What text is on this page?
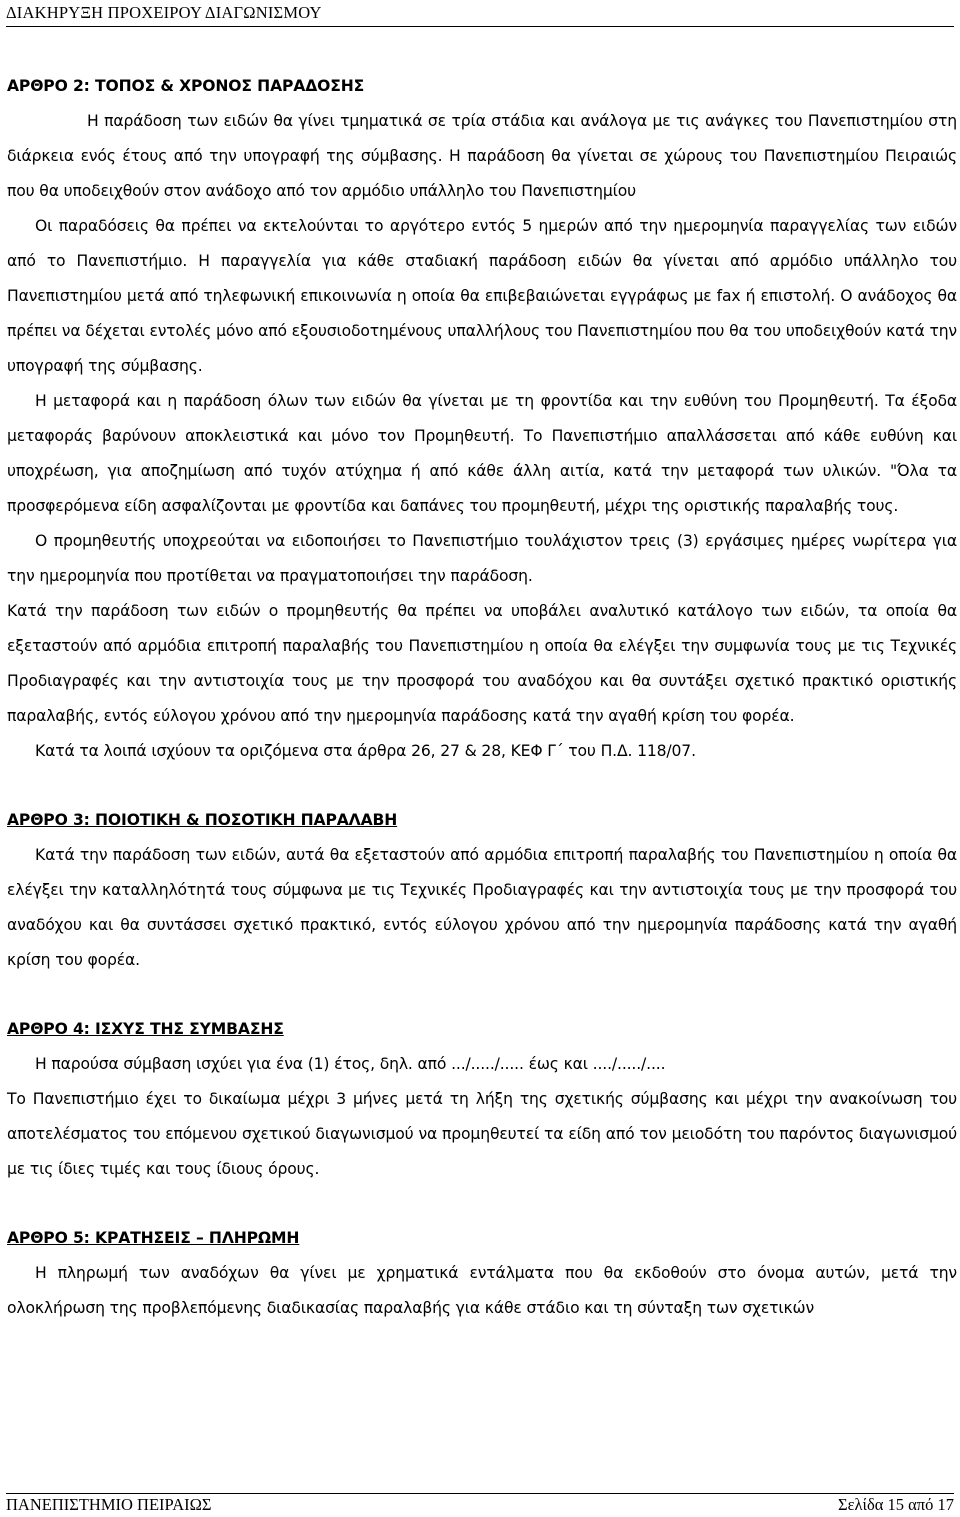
ΔΙΑΚΗΡΥΞΗ ΠΡΟΧΕΙΡΟΥ ΔΙΑΓΩΝΙΣΜΟΥ
ΑΡΘΡΟ 2: ΤΟΠΟΣ & ΧΡΟΝΟΣ ΠΑΡΑΔΟΣΗΣ

Η παράδοση των ειδών θα γίνει τμηματικά σε τρία στάδια και ανάλογα με τις ανάγκες του Πανεπιστημίου στη διάρκεια ενός έτους από την υπογραφή της σύμβασης. Η παράδοση θα γίνεται σε χώρους του Πανεπιστημίου Πειραιώς που θα υποδειχθούν στον ανάδοχο από τον αρμόδιο υπάλληλο του Πανεπιστημίου

Οι παραδόσεις θα πρέπει να εκτελούνται το αργότερο εντός 5 ημερών από την ημερομηνία παραγγελίας των ειδών από το Πανεπιστήμιο. Η παραγγελία για κάθε σταδιακή παράδοση ειδών θα γίνεται από αρμόδιο υπάλληλο του Πανεπιστημίου μετά από τηλεφωνική επικοινωνία η οποία θα επιβεβαιώνεται εγγράφως με fax ή επιστολή. Ο ανάδοχος θα πρέπει να δέχεται εντολές μόνο από εξουσιοδοτημένους υπαλλήλους του Πανεπιστημίου που θα του υποδειχθούν κατά την υπογραφή της σύμβασης.

Η μεταφορά και η παράδοση όλων των ειδών θα γίνεται με τη φροντίδα και την ευθύνη του Προμηθευτή. Τα έξοδα μεταφοράς βαρύνουν αποκλειστικά και μόνο τον Προμηθευτή. Το Πανεπιστήμιο απαλλάσσεται από κάθε ευθύνη και υποχρέωση, για αποζημίωση από τυχόν ατύχημα ή από κάθε άλλη αιτία, κατά την μεταφορά των υλικών. "Όλα τα προσφερόμενα είδη ασφαλίζονται με φροντίδα και δαπάνες του προμηθευτή, μέχρι της οριστικής παραλαβής τους.

Ο προμηθευτής υποχρεούται να ειδοποιήσει το Πανεπιστήμιο τουλάχιστον τρεις (3) εργάσιμες ημέρες νωρίτερα για την ημερομηνία που προτίθεται να πραγματοποιήσει την παράδοση.

Κατά την παράδοση των ειδών ο προμηθευτής θα πρέπει να υποβάλει αναλυτικό κατάλογο των ειδών, τα οποία θα εξεταστούν από αρμόδια επιτροπή παραλαβής του Πανεπιστημίου η οποία θα ελέγξει την συμφωνία τους με τις Τεχνικές Προδιαγραφές και την αντιστοιχία τους με την προσφορά του αναδόχου και θα συντάξει σχετικό πρακτικό οριστικής παραλαβής, εντός εύλογου χρόνου από την ημερομηνία παράδοσης κατά την αγαθή κρίση του φορέα.

Κατά τα λοιπά ισχύουν τα οριζόμενα στα άρθρα 26, 27 & 28, ΚΕΦ Γ΄ του Π.Δ. 118/07.

ΑΡΘΡΟ 3: ΠΟΙΟΤΙΚΗ & ΠΟΣΟΤΙΚΗ ΠΑΡΑΛΑΒΗ

Κατά την παράδοση των ειδών, αυτά θα εξεταστούν από αρμόδια επιτροπή παραλαβής του Πανεπιστημίου η οποία θα ελέγξει την καταλληλότητά τους σύμφωνα με τις Τεχνικές Προδιαγραφές και την αντιστοιχία τους με την προσφορά του αναδόχου και θα συντάσσει σχετικό πρακτικό, εντός εύλογου χρόνου από την ημερομηνία παράδοσης κατά την αγαθή κρίση του φορέα.

ΑΡΘΡΟ 4: ΙΣΧΥΣ ΤΗΣ ΣΥΜΒΑΣΗΣ

Η παρούσα σύμβαση ισχύει για ένα (1) έτος, δηλ. από .../...../..... έως και ..../...../....

Το Πανεπιστήμιο έχει το δικαίωμα μέχρι 3 μήνες μετά τη λήξη της σχετικής σύμβασης και μέχρι την ανακοίνωση του αποτελέσματος του επόμενου σχετικού διαγωνισμού να προμηθευτεί τα είδη από τον μειοδότη του παρόντος διαγωνισμού με τις ίδιες τιμές και τους ίδιους όρους.

ΑΡΘΡΟ 5: ΚΡΑΤΗΣΕΙΣ – ΠΛΗΡΩΜΗ

Η πληρωμή των αναδόχων θα γίνει με χρηματικά εντάλματα που θα εκδοθούν στο όνομα αυτών, μετά την ολοκλήρωση της προβλεπόμενης διαδικασίας παραλαβής για κάθε στάδιο και τη σύνταξη των σχετικών

ΠΑΝΕΠΙΣΤΗΜΙΟ ΠΕΙΡΑΙΩΣ	Σελίδα 15 από 17
